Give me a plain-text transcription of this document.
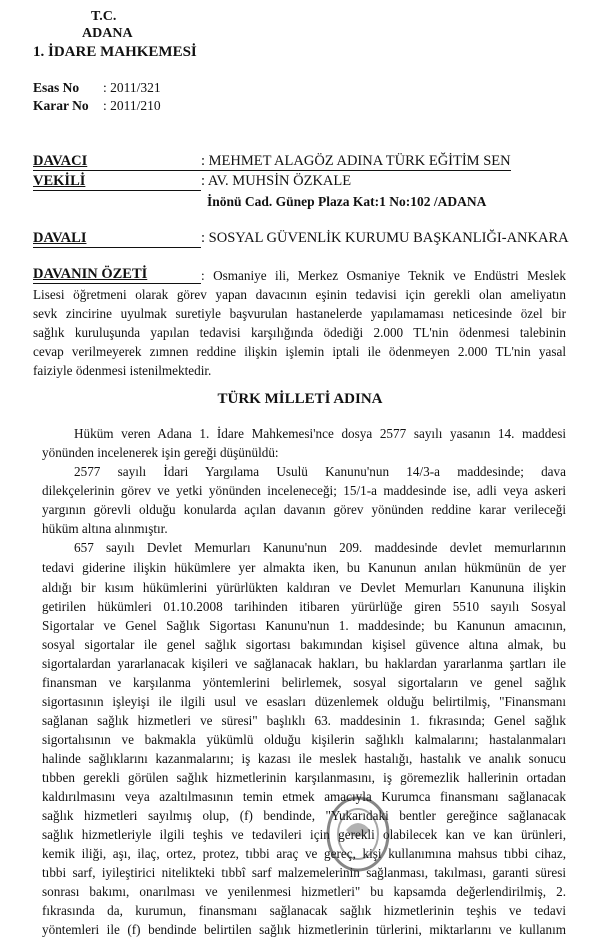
T.C.
ADANA
1. İDARE MAHKEMESİ
Esas No : 2011/321
Karar No : 2011/210
DAVACI	: MEHMET ALAGÖZ ADINA TÜRK EĞİTİM SEN
VEKİLİ	: AV. MUHSİN ÖZKALE
İnönü Cad. Günep Plaza Kat:1 No:102 /ADANA
DAVALI	: SOSYAL GÜVENLİK KURUMU BAŞKANLIĞI-ANKARA
DAVANIN ÖZETİ	: Osmaniye ili, Merkez Osmaniye Teknik ve Endüstri Meslek
Lisesi öğretmeni olarak görev yapan davacının eşinin tedavisi için gerekli olan ameliyatın
sevk zincirine uyulmak suretiyle başvurulan hastanelerde yapılamaması neticesinde özel bir
sağlık kuruluşunda yapılan tedavisi karşılığında ödediği 2.000 TL'nin ödenmesi talebinin
cevap verilmeyerek zımnen reddine ilişkin işlemin iptali ile ödenmeyen 2.000 TL'nin yasal
faiziyle ödenmesi istenilmektedir.
TÜRK MİLLETİ ADINA
Hüküm veren Adana 1. İdare Mahkemesi'nce dosya 2577 sayılı yasanın 14. maddesi
yönünden incelenerek işin gereği düşünüldü:
2577 sayılı İdari Yargılama Usulü Kanunu'nun 14/3-a maddesinde; dava
dilekçelerinin görev ve yetki yönünden inceleneceği; 15/1-a maddesinde ise, adli veya askeri
yargının görevli olduğu konularda açılan davanın görev yönünden reddine karar verileceği
hüküm altına alınmıştır.
657 sayılı Devlet Memurları Kanunu'nun 209. maddesinde devlet memurlarının
tedavi giderine ilişkin hükümlere yer almakta iken, bu Kanunun anılan hükmünün de yer
aldığı bir kısım hükümlerini yürürlükten kaldıran ve Devlet Memurları Kanununa ilişkin
getirilen hükümleri 01.10.2008 tarihinden itibaren yürürlüğe giren 5510 sayılı Sosyal
Sigortalar ve Genel Sağlık Sigortası Kanunu'nun 1. maddesinde; bu Kanunun amacının,
sosyal sigortalar ile genel sağlık sigortası bakımından kişisel güvence altına almak, bu
sigortalardan yararlanacak kişileri ve sağlanacak hakları, bu haklardan yararlanma şartları ile
finansman ve karşılanma yöntemlerini belirlemek, sosyal sigortaların ve genel sağlık
sigortasının işleyişi ile ilgili usul ve esasları düzenlemek olduğu belirtilmiş, "Finansmanı
sağlanan sağlık hizmetleri ve süresi" başlıklı 63. maddesinin 1. fıkrasında; Genel sağlık
sigortalısının ve bakmakla yükümlü olduğu kişilerin sağlıklı kalmalarını; hastalanmaları
halinde sağlıklarını kazanmalarını; iş kazası ile meslek hastalığı, hastalık ve analık sonucu
tıbben gerekli görülen sağlık hizmetlerinin karşılanmasını, iş göremezlik hallerinin ortadan
kaldırılmasını veya azaltılmasının temin etmek amacıyla Kurumca finansmanı sağlanacak
sağlık hizmetleri sayılmış olup, (f) bendinde, "Yukarıdaki bentler gereğince sağlanacak
sağlık hizmetleriyle ilgili teşhis ve tedavileri için gerekli olabilecek kan ve kan ürünleri,
kemik iliği, aşı, ilaç, ortez, protez, tıbbi araç ve gereç, kişi kullanımına mahsus tıbbi cihaz,
tıbbi sarf, iyileştirici nitelikteki tıbbî sarf malzemelerinin sağlanması, takılması, garanti süresi
sonrası bakımı, onarılması ve yenilenmesi hizmetleri" bu kapsamda değerlendirilmiş, 2.
fıkrasında da, kurumun, finansmanı sağlanacak sağlık hizmetlerinin teşhis ve tedavi
yöntemleri ile (f) bendinde belirtilen sağlık hizmetlerinin türlerini, miktarlarını ve kullanım
